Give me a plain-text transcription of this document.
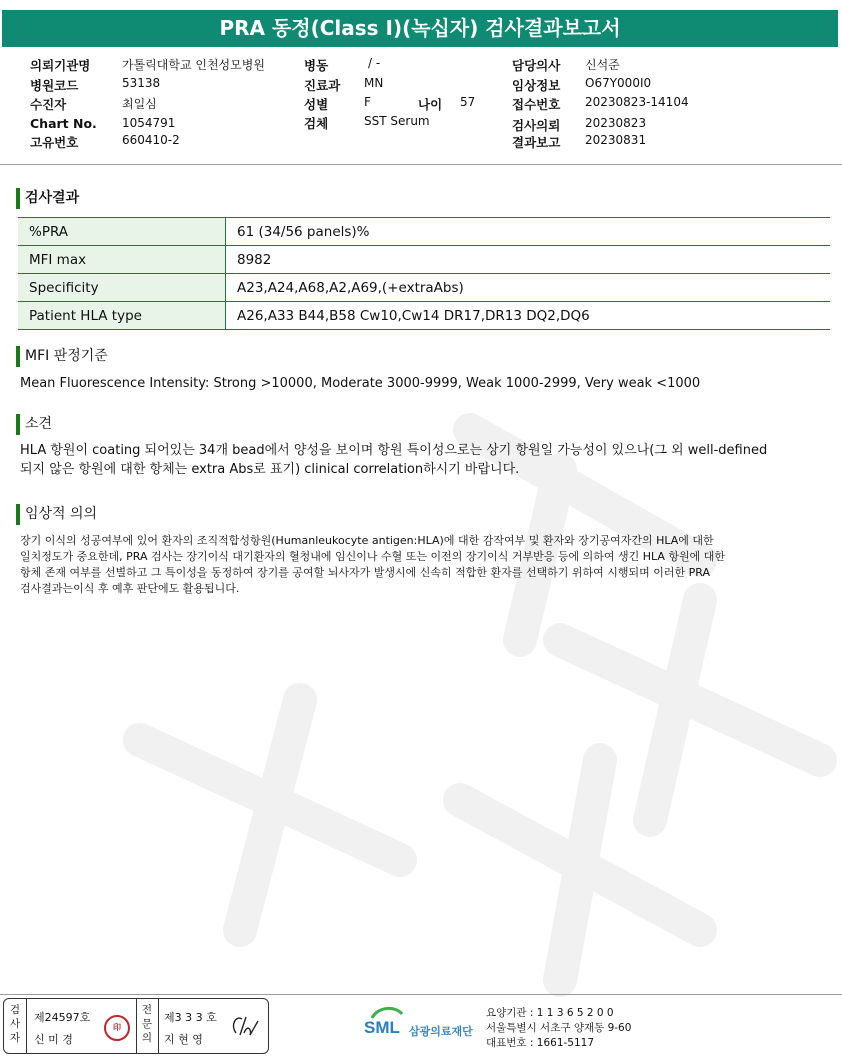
PRA 동정(Class I)(녹십자) 검사결과보고서
의뢰기관명	가톨릭대학교 인천성모병원
병원코드	53138
수진자	최일심
Chart No. 1054791
고유번호	660410-2
병동	/ -
진료과 MN
성별	F	나이 57
검체	SST Serum
담당의사 신석준
임상정보 O67Y000I0
접수번호 20230823-14104
검사의뢰 20230823
결과보고 20230831
검사결과
%PRA	61 (34/56 panels)%
MFI max	8982
Specificity	A23,A24,A68,A2,A69,(+extraAbs)
Patient HLA type	A26,A33 B44,B58 Cw10,Cw14 DR17,DR13 DQ2,DQ6
MFI 판정기준
Mean Fluorescence Intensity: Strong >10000, Moderate 3000-9999, Weak 1000-2999, Very weak <1000
소견
HLA 항원이 coating 되어있는 34개 bead에서 양성을 보이며 항원 특이성으로는 상기 항원일 가능성이 있으나(그 외 well-defined
되지 않은 항원에 대한 항체는 extra Abs로 표기) clinical correlation하시기 바랍니다.
임상적 의의
장기 이식의 성공여부에 있어 환자의 조직적합성항원(Humanleukocyte antigen:HLA)에 대한 감작여부 및 환자와 장기공여자간의 HLA에 대한
일치정도가 중요한데, PRA 검사는 장기이식 대기환자의 혈청내에 임신이나 수혈 또는 이전의 장기이식 거부반응 등에 의하여 생긴 HLA 항원에 대한
항체 존재 여부를 선별하고 그 특이성을 동정하여 장기를 공여할 뇌사자가 발생시에 신속히 적합한 환자를 선택하기 위하여 시행되며 이러한 PRA
검사결과는이식 후 예후 판단에도 활용됩니다.
검사자
제24597호
신 미 경
印
전문의
제3 3 3 호
지 현 영
SML 삼광의료재단
요양기관 : 1 1 3 6 5 2 0 0
서울특별시 서초구 양재동 9-60
대표번호 : 1661-5117
